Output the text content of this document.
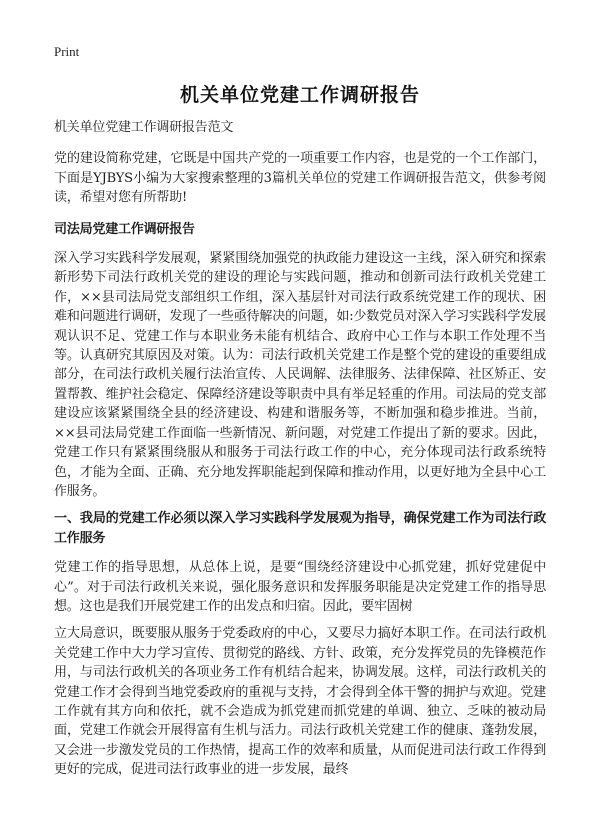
Print
机关单位党建工作调研报告

机关单位党建工作调研报告范文

党的建设简称党建，它既是中国共产党的一项重要工作内容，也是党的一个工作部门，下面是YJBYS小编为大家搜索整理的3篇机关单位的党建工作调研报告范文，供参考阅读，希望对您有所帮助!

司法局党建工作调研报告

深入学习实践科学发展观，紧紧围绕加强党的执政能力建设这一主线，深入研究和探索新形势下司法行政机关党的建设的理论与实践问题，推动和创新司法行政机关党建工作，××县司法局党支部组织工作组，深入基层针对司法行政系统党建工作的现状、困难和问题进行调研，发现了一些亟待解决的问题，如:少数党员对深入学习实践科学发展观认识不足、党建工作与本职业务未能有机结合、政府中心工作与本职工作处理不当等。认真研究其原因及对策。认为：司法行政机关党建工作是整个党的建设的重要组成部分，在司法行政机关履行法治宣传、人民调解、法律服务、法律保障、社区矫正、安置帮教、维护社会稳定、保障经济建设等职责中具有举足轻重的作用。司法局的党支部建设应该紧紧围绕全县的经济建设、构建和谐服务等，不断加强和稳步推进。当前，××县司法局党建工作面临一些新情况、新问题，对党建工作提出了新的要求。因此，党建工作只有紧紧围绕服从和服务于司法行政工作的中心，充分体现司法行政系统特色，才能为全面、正确、充分地发挥职能起到保障和推动作用，以更好地为全县中心工作服务。

一、我局的党建工作必须以深入学习实践科学发展观为指导，确保党建工作为司法行政工作服务

党建工作的指导思想，从总体上说，是要“围绕经济建设中心抓党建，抓好党建促中心”。对于司法行政机关来说，强化服务意识和发挥服务职能是决定党建工作的指导思想。这也是我们开展党建工作的出发点和归宿。因此，要牢固树

立大局意识，既要服从服务于党委政府的中心，又要尽力搞好本职工作。在司法行政机关党建工作中大力学习宣传、贯彻党的路线、方针、政策，充分发挥党员的先锋模范作用，与司法行政机关的各项业务工作有机结合起来，协调发展。这样，司法行政机关的党建工作才会得到当地党委政府的重视与支持，才会得到全体干警的拥护与欢迎。党建工作就有其方向和依托，就不会造成为抓党建而抓党建的单调、独立、乏味的被动局面，党建工作就会开展得富有生机与活力。司法行政机关党建工作的健康、蓬勃发展，又会进一步激发党员的工作热情，提高工作的效率和质量，从而促进司法行政工作得到更好的完成，促进司法行政事业的进一步发展，最终
